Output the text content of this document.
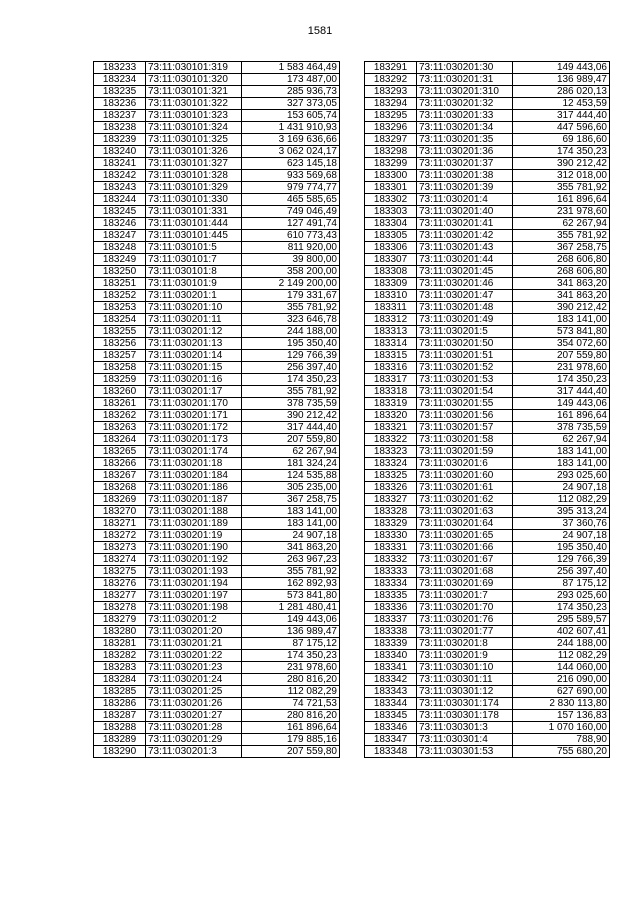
1581
183233	73:11:030101:319	1 583 464,49
183234	73:11:030101:320	173 487,00
183235	73:11:030101:321	285 936,73
183236	73:11:030101:322	327 373,05
183237	73:11:030101:323	153 605,74
183238	73:11:030101:324	1 431 910,93
183239	73:11:030101:325	3 169 636,66
183240	73:11:030101:326	3 062 024,17
183241	73:11:030101:327	623 145,18
183242	73:11:030101:328	933 569,68
183243	73:11:030101:329	979 774,77
183244	73:11:030101:330	465 585,65
183245	73:11:030101:331	749 046,49
183246	73:11:030101:444	127 491,74
183247	73:11:030101:445	610 773,43
183248	73:11:030101:5	811 920,00
183249	73:11:030101:7	39 800,00
183250	73:11:030101:8	358 200,00
183251	73:11:030101:9	2 149 200,00
183252	73:11:030201:1	179 331,67
183253	73:11:030201:10	355 781,92
183254	73:11:030201:11	323 646,78
183255	73:11:030201:12	244 188,00
183256	73:11:030201:13	195 350,40
183257	73:11:030201:14	129 766,39
183258	73:11:030201:15	256 397,40
183259	73:11:030201:16	174 350,23
183260	73:11:030201:17	355 781,92
183261	73:11:030201:170	378 735,59
183262	73:11:030201:171	390 212,42
183263	73:11:030201:172	317 444,40
183264	73:11:030201:173	207 559,80
183265	73:11:030201:174	62 267,94
183266	73:11:030201:18	181 324,24
183267	73:11:030201:184	124 535,88
183268	73:11:030201:186	305 235,00
183269	73:11:030201:187	367 258,75
183270	73:11:030201:188	183 141,00
183271	73:11:030201:189	183 141,00
183272	73:11:030201:19	24 907,18
183273	73:11:030201:190	341 863,20
183274	73:11:030201:192	263 967,23
183275	73:11:030201:193	355 781,92
183276	73:11:030201:194	162 892,93
183277	73:11:030201:197	573 841,80
183278	73:11:030201:198	1 281 480,41
183279	73:11:030201:2	149 443,06
183280	73:11:030201:20	136 989,47
183281	73:11:030201:21	87 175,12
183282	73:11:030201:22	174 350,23
183283	73:11:030201:23	231 978,60
183284	73:11:030201:24	280 816,20
183285	73:11:030201:25	112 082,29
183286	73:11:030201:26	74 721,53
183287	73:11:030201:27	280 816,20
183288	73:11:030201:28	161 896,64
183289	73:11:030201:29	179 885,16
183290	73:11:030201:3	207 559,80
183291	73:11:030201:30	149 443,06
183292	73:11:030201:31	136 989,47
183293	73:11:030201:310	286 020,13
183294	73:11:030201:32	12 453,59
183295	73:11:030201:33	317 444,40
183296	73:11:030201:34	447 596,60
183297	73:11:030201:35	69 186,60
183298	73:11:030201:36	174 350,23
183299	73:11:030201:37	390 212,42
183300	73:11:030201:38	312 018,00
183301	73:11:030201:39	355 781,92
183302	73:11:030201:4	161 896,64
183303	73:11:030201:40	231 978,60
183304	73:11:030201:41	62 267,94
183305	73:11:030201:42	355 781,92
183306	73:11:030201:43	367 258,75
183307	73:11:030201:44	268 606,80
183308	73:11:030201:45	268 606,80
183309	73:11:030201:46	341 863,20
183310	73:11:030201:47	341 863,20
183311	73:11:030201:48	390 212,42
183312	73:11:030201:49	183 141,00
183313	73:11:030201:5	573 841,80
183314	73:11:030201:50	354 072,60
183315	73:11:030201:51	207 559,80
183316	73:11:030201:52	231 978,60
183317	73:11:030201:53	174 350,23
183318	73:11:030201:54	317 444,40
183319	73:11:030201:55	149 443,06
183320	73:11:030201:56	161 896,64
183321	73:11:030201:57	378 735,59
183322	73:11:030201:58	62 267,94
183323	73:11:030201:59	183 141,00
183324	73:11:030201:6	183 141,00
183325	73:11:030201:60	293 025,60
183326	73:11:030201:61	24 907,18
183327	73:11:030201:62	112 082,29
183328	73:11:030201:63	395 313,24
183329	73:11:030201:64	37 360,76
183330	73:11:030201:65	24 907,18
183331	73:11:030201:66	195 350,40
183332	73:11:030201:67	129 766,39
183333	73:11:030201:68	256 397,40
183334	73:11:030201:69	87 175,12
183335	73:11:030201:7	293 025,60
183336	73:11:030201:70	174 350,23
183337	73:11:030201:76	295 589,57
183338	73:11:030201:77	402 607,41
183339	73:11:030201:8	244 188,00
183340	73:11:030201:9	112 082,29
183341	73:11:030301:10	144 060,00
183342	73:11:030301:11	216 090,00
183343	73:11:030301:12	627 690,00
183344	73:11:030301:174	2 830 113,80
183345	73:11:030301:178	157 136,83
183346	73:11:030301:3	1 070 160,00
183347	73:11:030301:4	788,90
183348	73:11:030301:53	755 680,20
